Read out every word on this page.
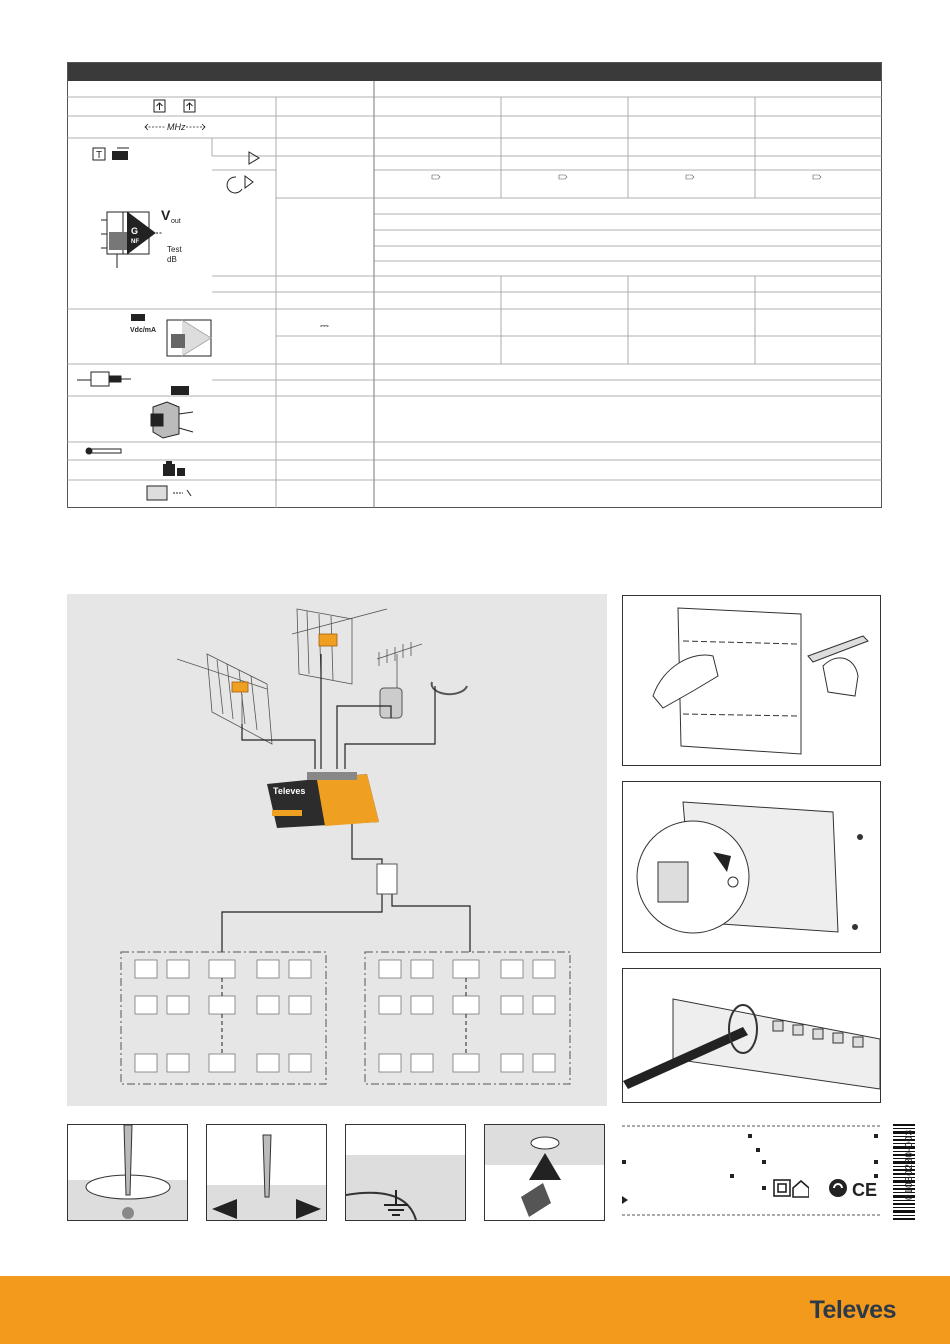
MHz
T
G
NF
V out
Test
dB
Vdc/mA	⎓
Televes
01030230-003
CE
Televes
